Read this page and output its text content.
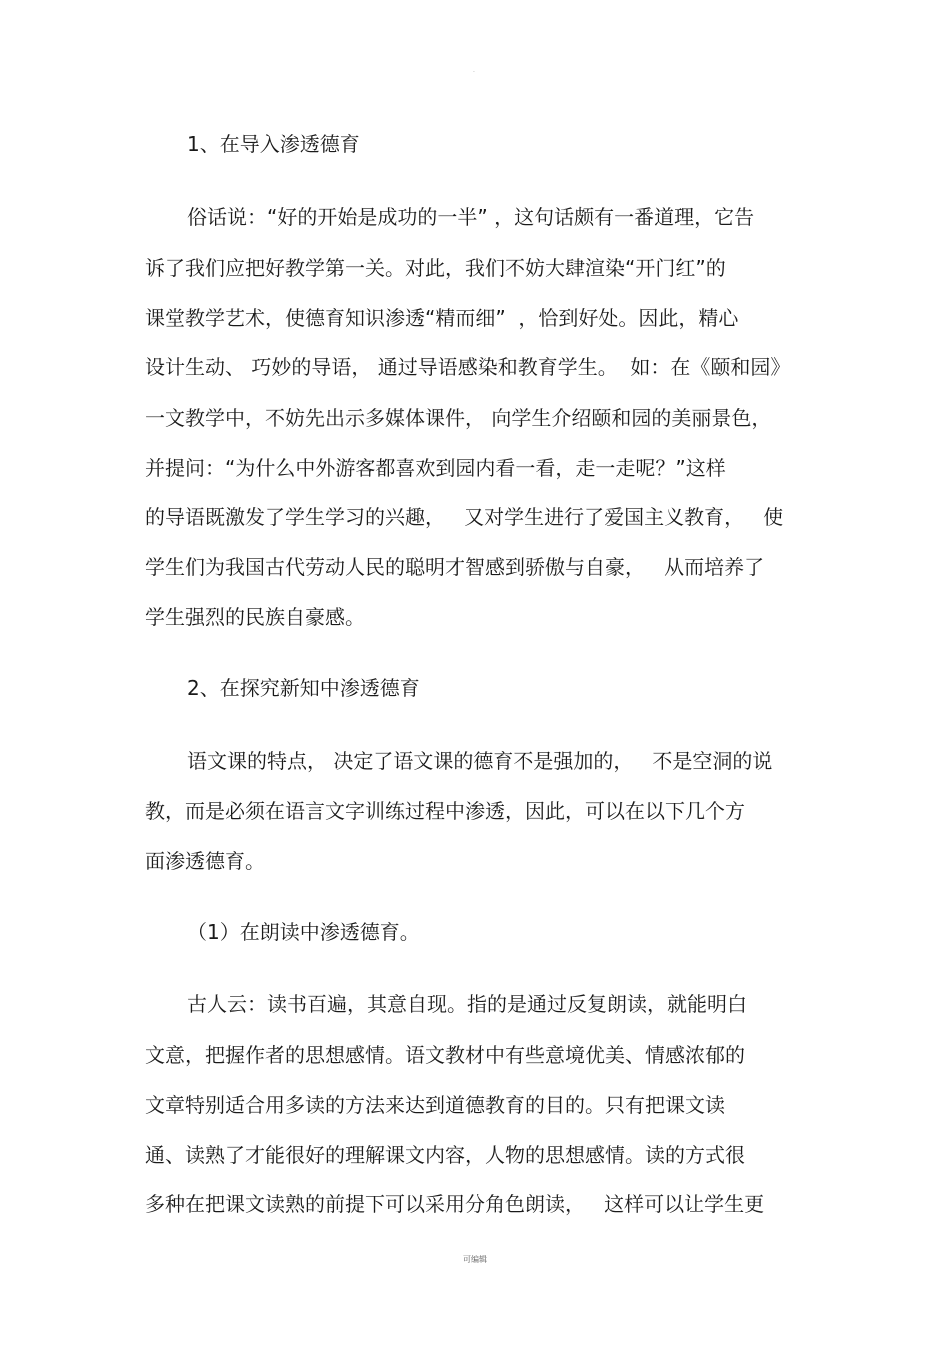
·
1、在导入渗透德育
俗话说：“好的开始是成功的一半” ，这句话颇有一番道理，它告
诉了我们应把好教学第一关。对此，我们不妨大肆渲染“开门红”的
课堂教学艺术，使德育知识渗透“精而细”  ，恰到好处。因此，精心
设计生动、 巧妙的导语， 通过导语感染和教育学生。  如：在《颐和园》
一文教学中，不妨先出示多媒体课件， 向学生介绍颐和园的美丽景色，
并提问：“为什么中外游客都喜欢到园内看一看，走一走呢？”这样
的导语既激发了学生学习的兴趣，   又对学生进行了爱国主义教育，   使
学生们为我国古代劳动人民的聪明才智感到骄傲与自豪，   从而培养了
学生强烈的民族自豪感。
2、在探究新知中渗透德育
语文课的特点， 决定了语文课的德育不是强加的，   不是空洞的说
教，而是必须在语言文字训练过程中渗透，因此，可以在以下几个方
面渗透德育。
（1）在朗读中渗透德育。
古人云：读书百遍，其意自现。指的是通过反复朗读，就能明白
文意，把握作者的思想感情。语文教材中有些意境优美、情感浓郁的
文章特别适合用多读的方法来达到道德教育的目的。只有把课文读
通、读熟了才能很好的理解课文内容，人物的思想感情。读的方式很
多种在把课文读熟的前提下可以采用分角色朗读，   这样可以让学生更
可编辑
